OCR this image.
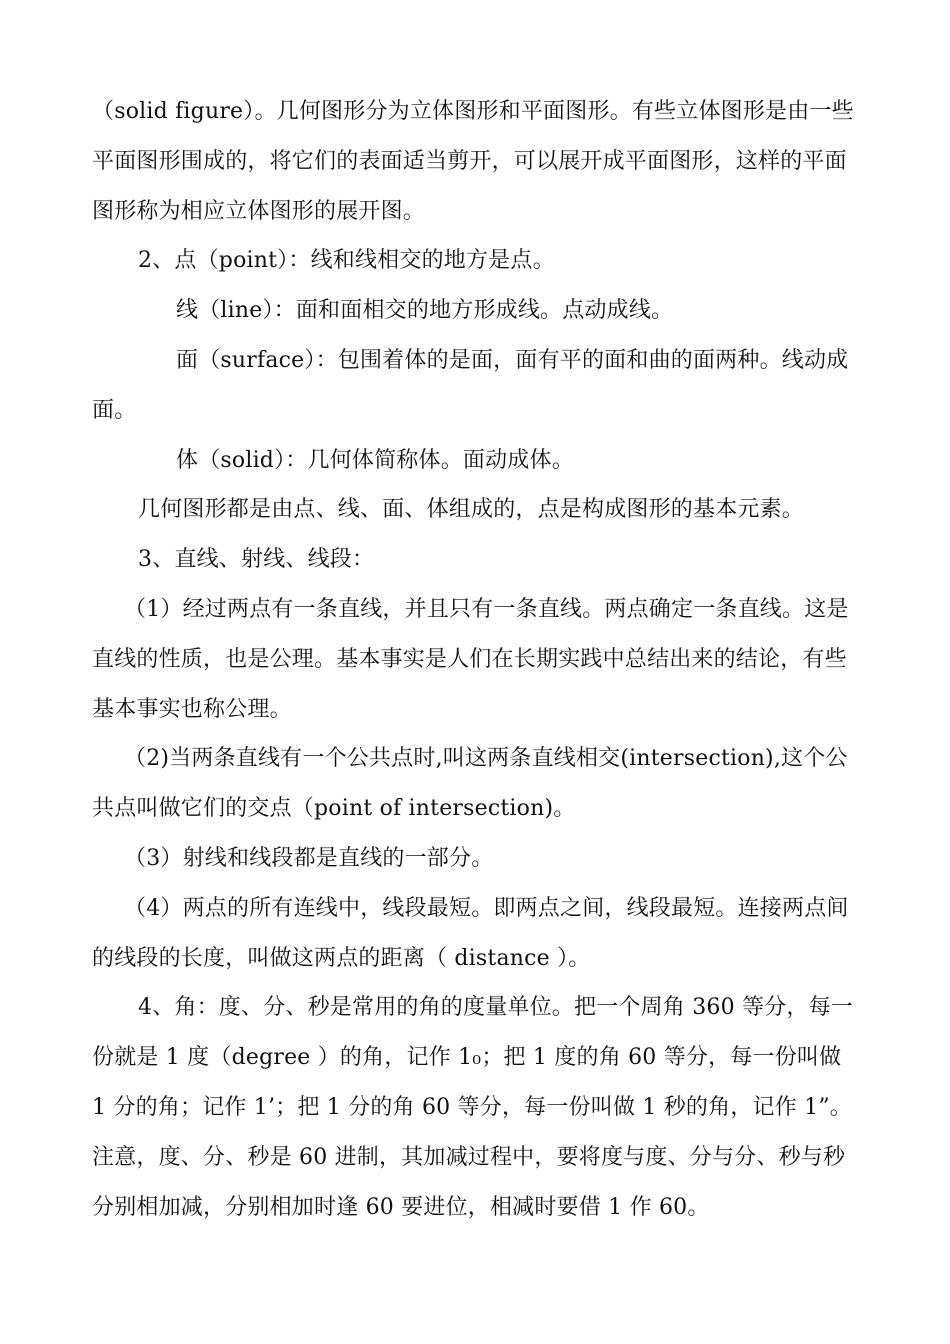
（solid figure）。几何图形分为立体图形和平面图形。有些立体图形是由一些平面图形围成的，将它们的表面适当剪开，可以展开成平面图形，这样的平面图形称为相应立体图形的展开图。

2、点（point）：线和线相交的地方是点。

线（line）：面和面相交的地方形成线。点动成线。

面（surface）：包围着体的是面，面有平的面和曲的面两种。线动成面。

体（solid）：几何体简称体。面动成体。

几何图形都是由点、线、面、体组成的，点是构成图形的基本元素。

3、直线、射线、线段：

（1）经过两点有一条直线，并且只有一条直线。两点确定一条直线。这是直线的性质，也是公理。基本事实是人们在长期实践中总结出来的结论，有些基本事实也称公理。

（2)当两条直线有一个公共点时,叫这两条直线相交(intersection),这个公共点叫做它们的交点（point of intersection)。

（3）射线和线段都是直线的一部分。

（4）两点的所有连线中，线段最短。即两点之间，线段最短。连接两点间的线段的长度，叫做这两点的距离（ distance ）。

4、角：度、分、秒是常用的角的度量单位。把一个周角 360 等分，每一份就是 1 度（degree ）的角，记作 1₀；把 1 度的角 60 等分，每一份叫做 1 分的角；记作 1’；把 1 分的角 60 等分，每一份叫做 1 秒的角，记作 1”。注意，度、分、秒是 60 进制，其加减过程中，要将度与度、分与分、秒与秒分别相加减，分别相加时逢 60 要进位，相减时要借 1 作 60。
